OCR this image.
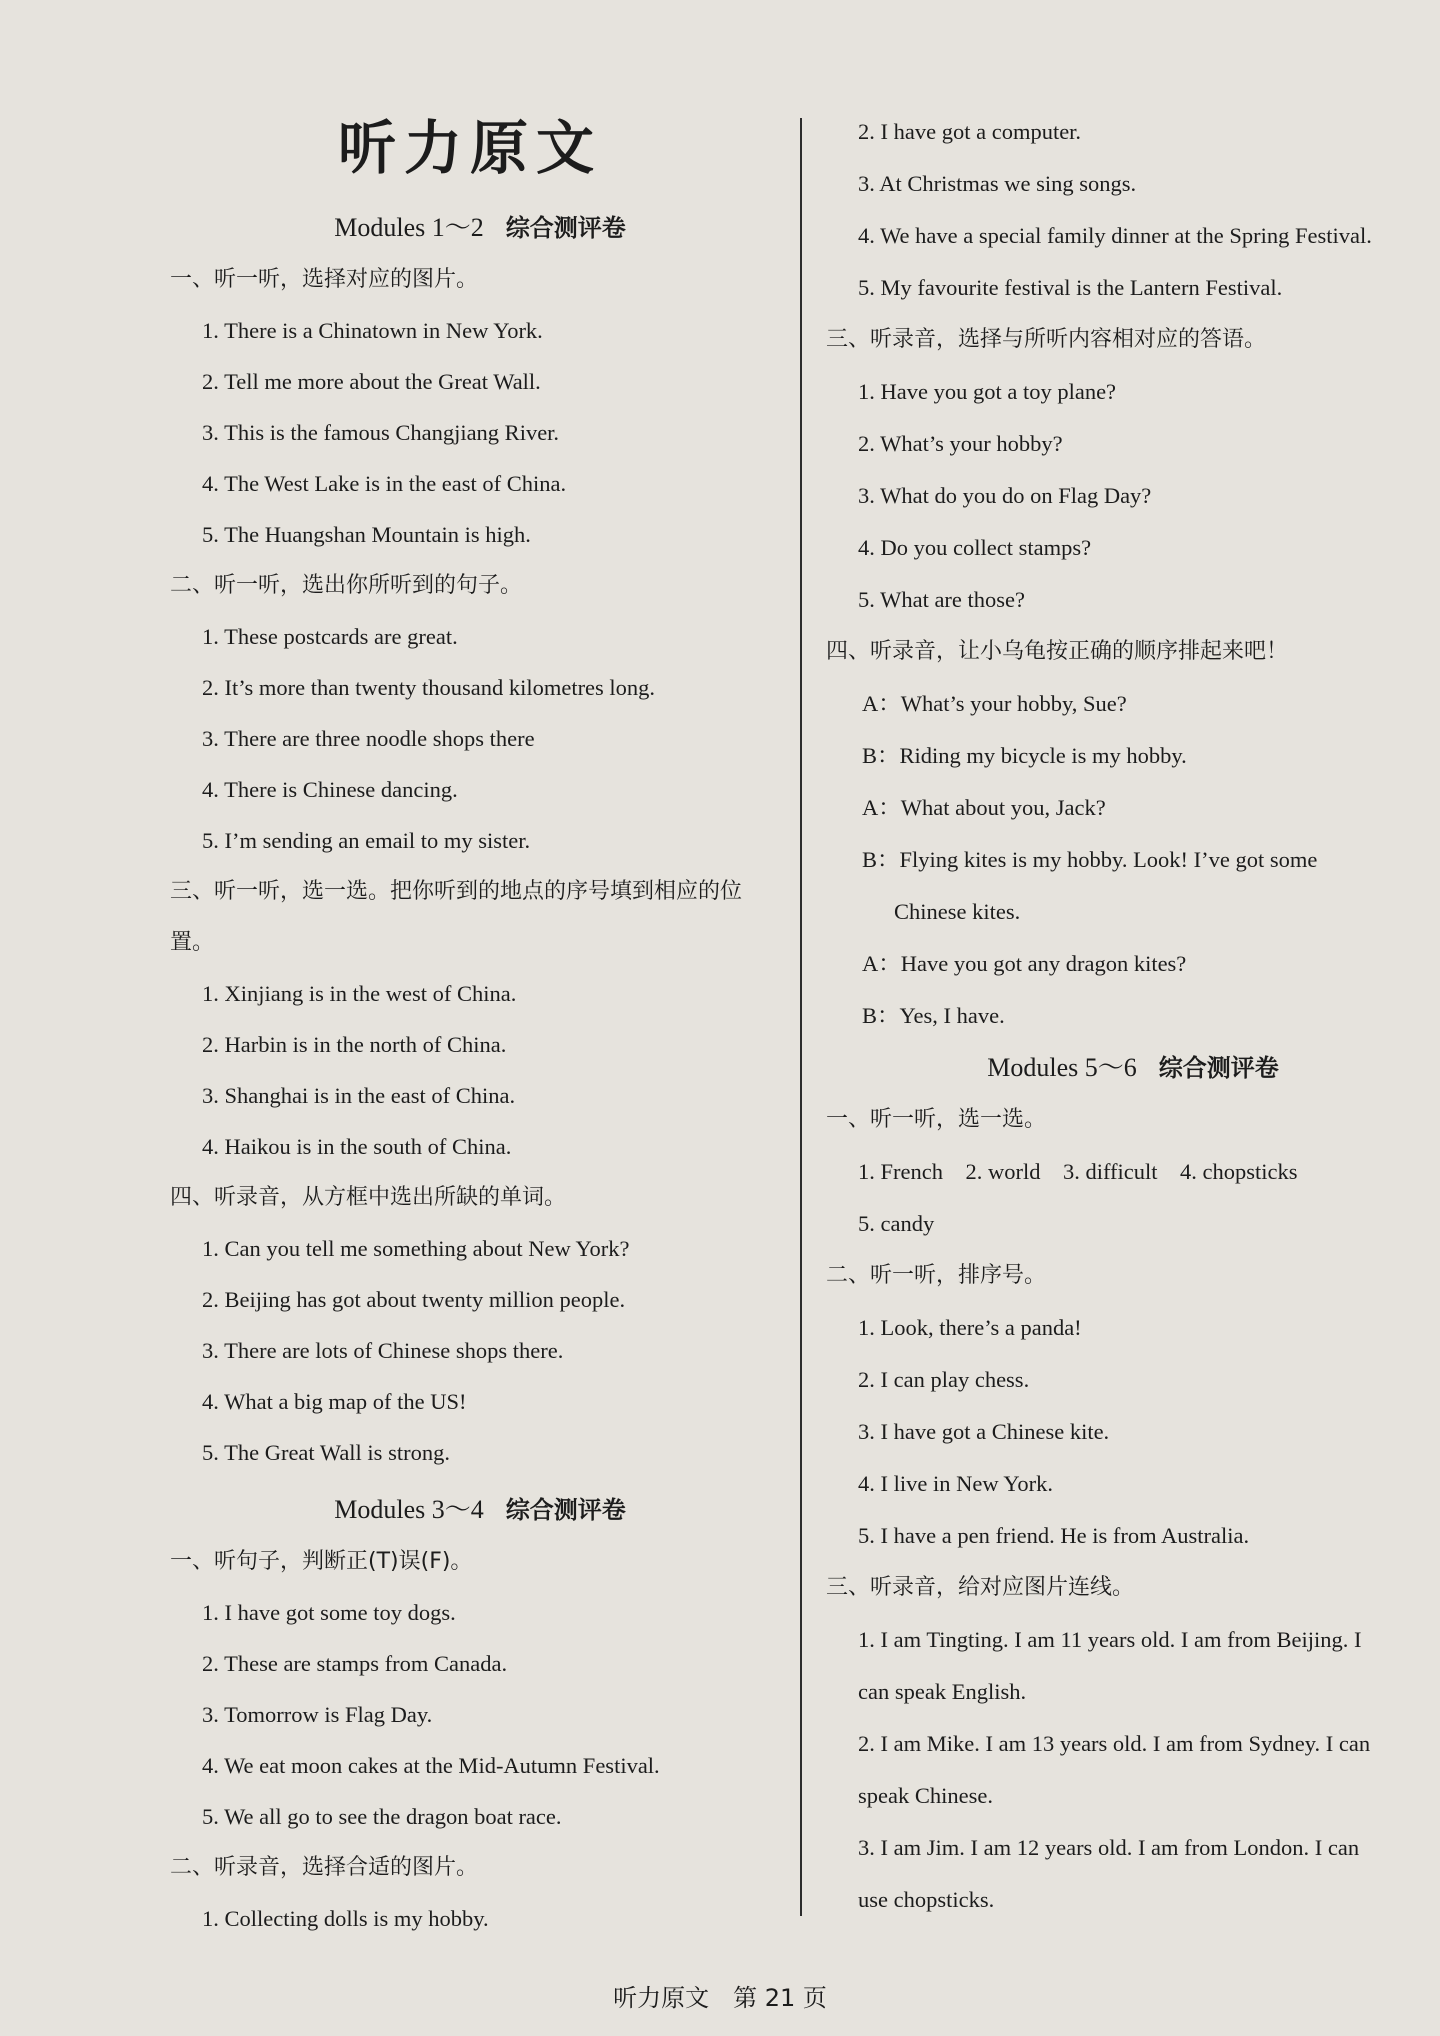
听力原文
Modules 1～2 综合测评卷
一、听一听，选择对应的图片。
1. There is a Chinatown in New York.
2. Tell me more about the Great Wall.
3. This is the famous Changjiang River.
4. The West Lake is in the east of China.
5. The Huangshan Mountain is high.
二、听一听，选出你所听到的句子。
1. These postcards are great.
2. It’s more than twenty thousand kilometres long.
3. There are three noodle shops there
4. There is Chinese dancing.
5. I’m sending an email to my sister.
三、听一听，选一选。把你听到的地点的序号填到相应的位置。
1. Xinjiang is in the west of China.
2. Harbin is in the north of China.
3. Shanghai is in the east of China.
4. Haikou is in the south of China.
四、听录音，从方框中选出所缺的单词。
1. Can you tell me something about New York?
2. Beijing has got about twenty million people.
3. There are lots of Chinese shops there.
4. What a big map of the US!
5. The Great Wall is strong.
Modules 3～4 综合测评卷
一、听句子，判断正(T)误(F)。
1. I have got some toy dogs.
2. These are stamps from Canada.
3. Tomorrow is Flag Day.
4. We eat moon cakes at the Mid-Autumn Festival.
5. We all go to see the dragon boat race.
二、听录音，选择合适的图片。
1. Collecting dolls is my hobby.
2. I have got a computer.
3. At Christmas we sing songs.
4. We have a special family dinner at the Spring Festival.
5. My favourite festival is the Lantern Festival.
三、听录音，选择与所听内容相对应的答语。
1. Have you got a toy plane?
2. What’s your hobby?
3. What do you do on Flag Day?
4. Do you collect stamps?
5. What are those?
四、听录音，让小乌龟按正确的顺序排起来吧！
A：What’s your hobby, Sue?
B：Riding my bicycle is my hobby.
A：What about you, Jack?
B：Flying kites is my hobby. Look! I’ve got some
Chinese kites.
A：Have you got any dragon kites?
B：Yes, I have.
Modules 5～6 综合测评卷
一、听一听，选一选。
1. French　2. world　3. difficult　4. chopsticks
5. candy
二、听一听，排序号。
1. Look, there’s a panda!
2. I can play chess.
3. I have got a Chinese kite.
4. I live in New York.
5. I have a pen friend. He is from Australia.
三、听录音，给对应图片连线。
1. I am Tingting. I am 11 years old. I am from Beijing. I
can speak English.
2. I am Mike. I am 13 years old. I am from Sydney. I can
speak Chinese.
3. I am Jim. I am 12 years old. I am from London. I can
use chopsticks.
听力原文　第 21 页
